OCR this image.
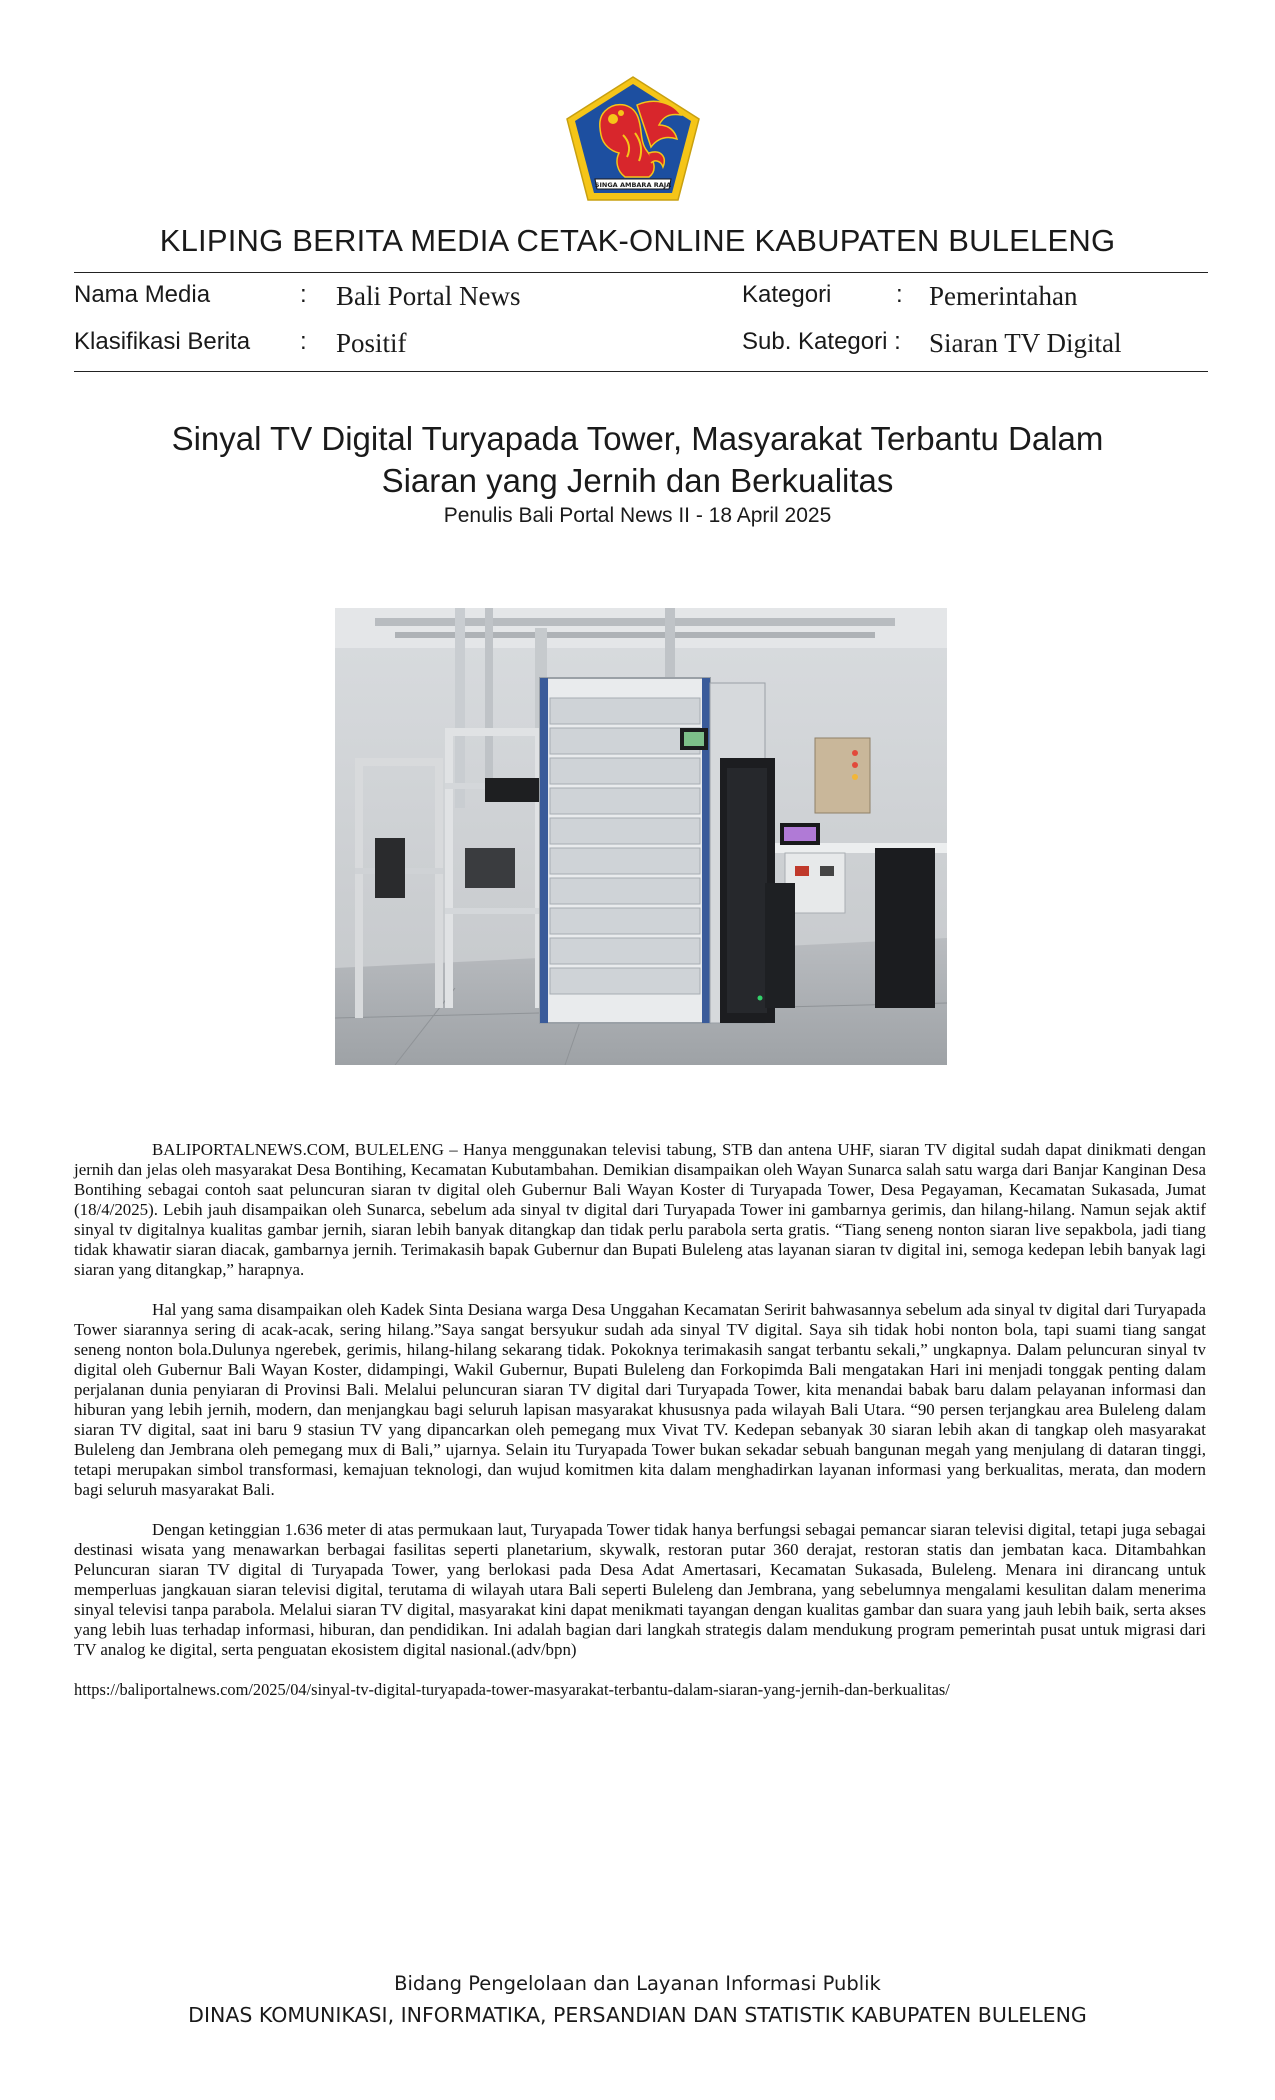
SINGA AMBARA RAJA
KLIPING BERITA MEDIA CETAK-ONLINE KABUPATEN BULELENG
Nama Media	: Bali Portal News
Klasifikasi Berita : Positif
Kategori	: Pemerintahan
Sub. Kategori : Siaran TV Digital
Sinyal TV Digital Turyapada Tower, Masyarakat Terbantu Dalam
Siaran yang Jernih dan Berkualitas
Penulis Bali Portal News II - 18 April 2025

BALIPORTALNEWS.COM, BULELENG – Hanya menggunakan televisi tabung, STB dan antena UHF, siaran TV digital sudah dapat dinikmati dengan jernih dan jelas oleh masyarakat Desa Bontihing, Kecamatan Kubutambahan. Demikian disampaikan oleh Wayan Sunarca salah satu warga dari Banjar Kanginan Desa Bontihing sebagai contoh saat peluncuran siaran tv digital oleh Gubernur Bali Wayan Koster di Turyapada Tower, Desa Pegayaman, Kecamatan Sukasada, Jumat (18/4/2025). Lebih jauh disampaikan oleh Sunarca, sebelum ada sinyal tv digital dari Turyapada Tower ini gambarnya gerimis, dan hilang-hilang. Namun sejak aktif sinyal tv digitalnya kualitas gambar jernih, siaran lebih banyak ditangkap dan tidak perlu parabola serta gratis. “Tiang seneng nonton siaran live sepakbola, jadi tiang tidak khawatir siaran diacak, gambarnya jernih. Terimakasih bapak Gubernur dan Bupati Buleleng atas layanan siaran tv digital ini, semoga kedepan lebih banyak lagi siaran yang ditangkap,” harapnya.

Hal yang sama disampaikan oleh Kadek Sinta Desiana warga Desa Unggahan Kecamatan Seririt bahwasannya sebelum ada sinyal tv digital dari Turyapada Tower siarannya sering di acak-acak, sering hilang.”Saya sangat bersyukur sudah ada sinyal TV digital. Saya sih tidak hobi nonton bola, tapi suami tiang sangat seneng nonton bola.Dulunya ngerebek, gerimis, hilang-hilang sekarang tidak. Pokoknya terimakasih sangat terbantu sekali,” ungkapnya. Dalam peluncuran sinyal tv digital oleh Gubernur Bali Wayan Koster, didampingi, Wakil Gubernur, Bupati Buleleng dan Forkopimda Bali mengatakan Hari ini menjadi tonggak penting dalam perjalanan dunia penyiaran di Provinsi Bali. Melalui peluncuran siaran TV digital dari Turyapada Tower, kita menandai babak baru dalam pelayanan informasi dan hiburan yang lebih jernih, modern, dan menjangkau bagi seluruh lapisan masyarakat khususnya pada wilayah Bali Utara. “90 persen terjangkau area Buleleng dalam siaran TV digital, saat ini baru 9 stasiun TV yang dipancarkan oleh pemegang mux Vivat TV. Kedepan sebanyak 30 siaran lebih akan di tangkap oleh masyarakat Buleleng dan Jembrana oleh pemegang mux di Bali,” ujarnya. Selain itu Turyapada Tower bukan sekadar sebuah bangunan megah yang menjulang di dataran tinggi, tetapi merupakan simbol transformasi, kemajuan teknologi, dan wujud komitmen kita dalam menghadirkan layanan informasi yang berkualitas, merata, dan modern bagi seluruh masyarakat Bali.

Dengan ketinggian 1.636 meter di atas permukaan laut, Turyapada Tower tidak hanya berfungsi sebagai pemancar siaran televisi digital, tetapi juga sebagai destinasi wisata yang menawarkan berbagai fasilitas seperti planetarium, skywalk, restoran putar 360 derajat, restoran statis dan jembatan kaca. Ditambahkan Peluncuran siaran TV digital di Turyapada Tower, yang berlokasi pada Desa Adat Amertasari, Kecamatan Sukasada, Buleleng. Menara ini dirancang untuk memperluas jangkauan siaran televisi digital, terutama di wilayah utara Bali seperti Buleleng dan Jembrana, yang sebelumnya mengalami kesulitan dalam menerima sinyal televisi tanpa parabola. Melalui siaran TV digital, masyarakat kini dapat menikmati tayangan dengan kualitas gambar dan suara yang jauh lebih baik, serta akses yang lebih luas terhadap informasi, hiburan, dan pendidikan. Ini adalah bagian dari langkah strategis dalam mendukung program pemerintah pusat untuk migrasi dari TV analog ke digital, serta penguatan ekosistem digital nasional.(adv/bpn)

https://baliportalnews.com/2025/04/sinyal-tv-digital-turyapada-tower-masyarakat-terbantu-dalam-siaran-yang-jernih-dan-berkualitas/

Bidang Pengelolaan dan Layanan Informasi Publik
DINAS KOMUNIKASI, INFORMATIKA, PERSANDIAN DAN STATISTIK KABUPATEN BULELENG
